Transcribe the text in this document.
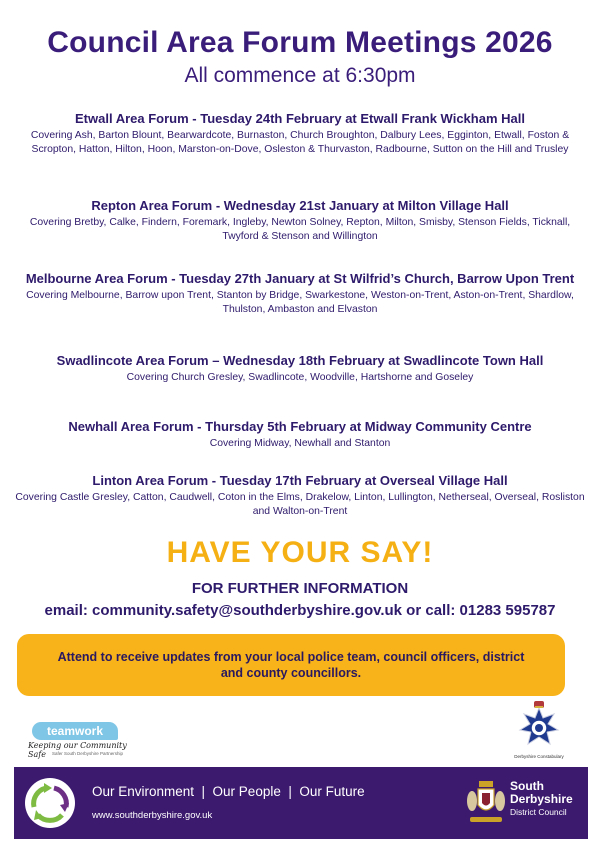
Council Area Forum Meetings 2026
All commence at 6:30pm
Etwall Area Forum - Tuesday 24th February at Etwall Frank Wickham Hall
Covering Ash, Barton Blount, Bearwardcote, Burnaston, Church Broughton, Dalbury Lees, Egginton, Etwall, Foston & Scropton, Hatton, Hilton, Hoon, Marston-on-Dove, Osleston & Thurvaston, Radbourne, Sutton on the Hill and Trusley
Repton Area Forum - Wednesday 21st January at Milton Village Hall
Covering Bretby, Calke, Findern, Foremark, Ingleby, Newton Solney, Repton, Milton, Smisby, Stenson Fields, Ticknall, Twyford & Stenson and Willington
Melbourne Area Forum - Tuesday 27th January at St Wilfrid’s Church, Barrow Upon Trent
Covering Melbourne, Barrow upon Trent, Stanton by Bridge, Swarkestone, Weston-on-Trent, Aston-on-Trent, Shardlow, Thulston, Ambaston and Elvaston
Swadlincote Area Forum – Wednesday 18th February at Swadlincote Town Hall
Covering Church Gresley, Swadlincote, Woodville, Hartshorne and Goseley
Newhall Area Forum - Thursday 5th February at Midway Community Centre
Covering Midway, Newhall and Stanton
Linton Area Forum - Tuesday 17th February at Overseal Village Hall
Covering Castle Gresley, Catton, Caudwell, Coton in the Elms, Drakelow, Linton, Lullington, Netherseal, Overseal, Rosliston and Walton-on-Trent
HAVE YOUR SAY!
FOR FURTHER INFORMATION
email: community.safety@southderbyshire.gov.uk or call: 01283 595787
Attend to receive updates from your local police team, council officers, district and county councillors.
teamwork
Keeping our Community Safe	Safer South Derbyshire Partnership
Derbyshire Constabulary
Our Environment  |  Our People  |  Our Future
www.southderbyshire.gov.uk
South
Derbyshire
District Council
